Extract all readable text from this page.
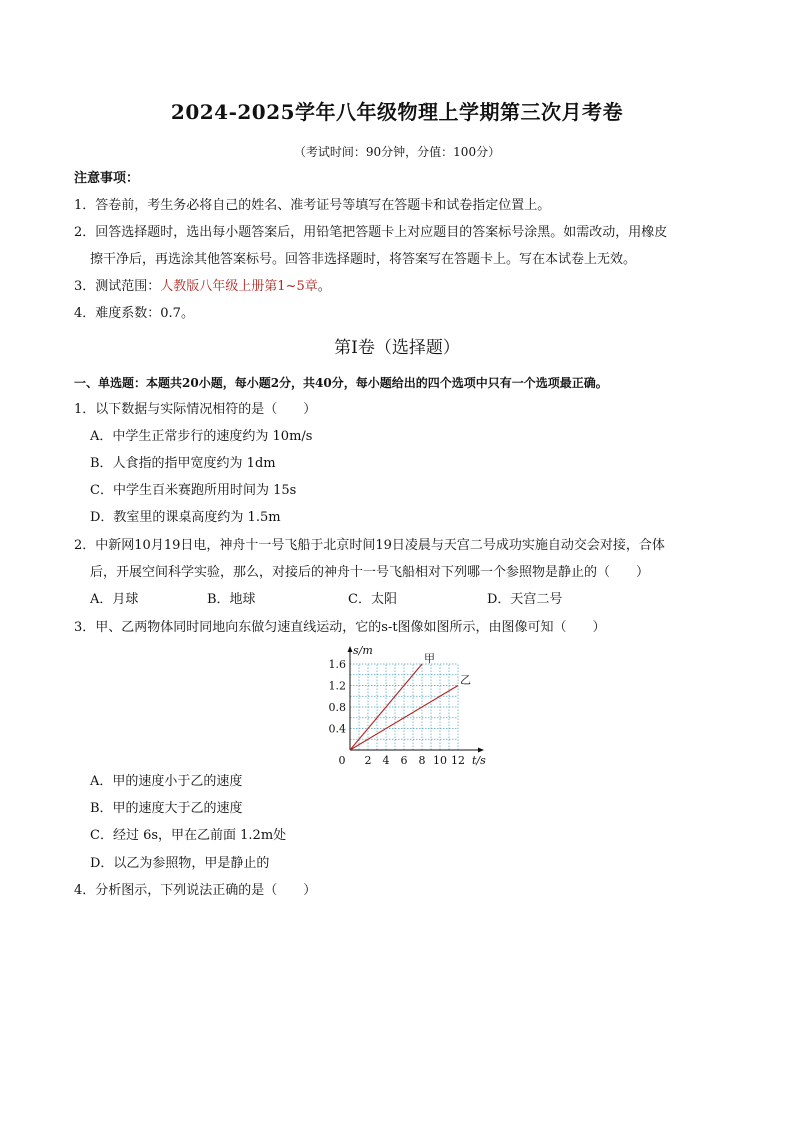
2024-2025学年八年级物理上学期第三次月考卷
（考试时间：90分钟，分值：100分）
注意事项：
1．答卷前，考生务必将自己的姓名、准考证号等填写在答题卡和试卷指定位置上。
2．回答选择题时，选出每小题答案后，用铅笔把答题卡上对应题目的答案标号涂黑。如需改动，用橡皮
擦干净后，再选涂其他答案标号。回答非选择题时，将答案写在答题卡上。写在本试卷上无效。
3．测试范围：人教版八年级上册第1~5章。
4．难度系数：0.7。
第Ⅰ卷（选择题）
一、单选题：本题共20小题，每小题2分，共40分，每小题给出的四个选项中只有一个选项最正确。
1．以下数据与实际情况相符的是（　　）
A．中学生正常步行的速度约为 10m/s
B．人食指的指甲宽度约为 1dm
C．中学生百米赛跑所用时间为 15s
D．教室里的课桌高度约为 1.5m
2．中新网10月19日电，神舟十一号飞船于北京时间19日凌晨与天宫二号成功实施自动交会对接，合体
后，开展空间科学实验，那么，对接后的神舟十一号飞船相对下列哪一个参照物是静止的（　　）
A．月球	B．地球	C．太阳	D．天宫二号
3．甲、乙两物体同时同地向东做匀速直线运动，它的s-t图像如图所示，由图像可知（　　）
2 4 6 8 10 12
0.4
0.8
1.2
1.6
0	t/s
s/m
甲
乙
A．甲的速度小于乙的速度
B．甲的速度大于乙的速度
C．经过 6s，甲在乙前面 1.2m处
D．以乙为参照物，甲是静止的
4．分析图示，下列说法正确的是（　　）
